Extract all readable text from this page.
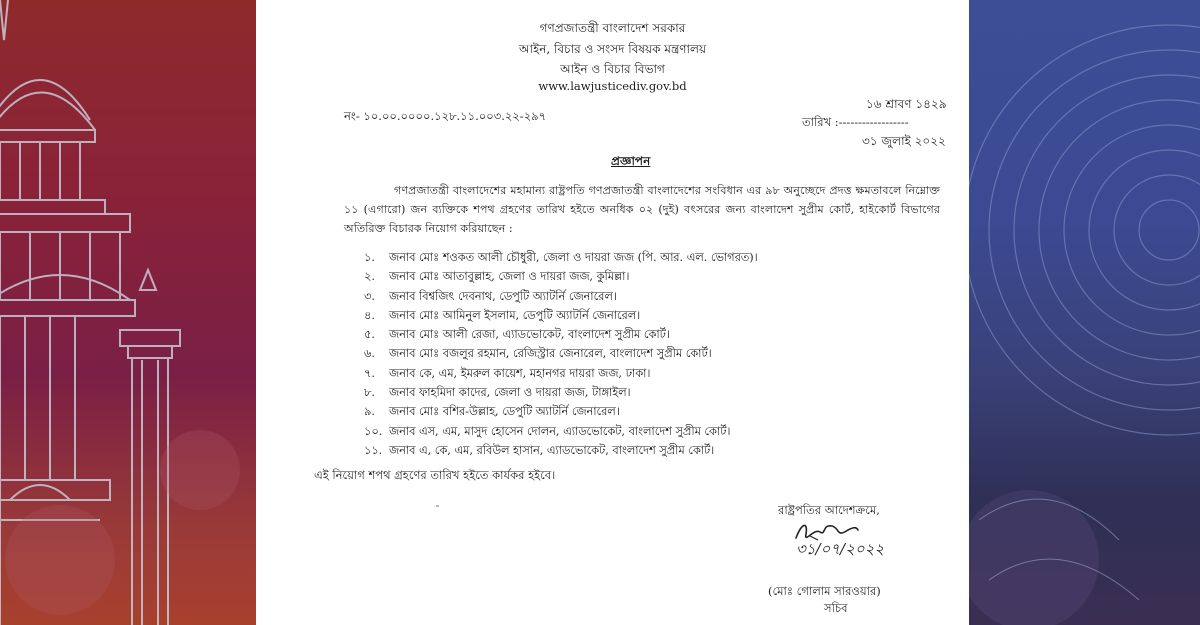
গণপ্রজাতন্ত্রী বাংলাদেশ সরকার
আইন, বিচার ও সংসদ বিষয়ক মন্ত্রণালয়
আইন ও বিচার বিভাগ
www.lawjusticediv.gov.bd
নং- ১০.০০.০০০০.১২৮.১১.০০৩.২২-২৯৭
১৬ শ্রাবণ ১৪২৯
তারিখ :------------------
৩১ জুলাই ২০২২
প্রজ্ঞাপন
গণপ্রজাতন্ত্রী বাংলাদেশের মহামান্য রাষ্ট্রপতি গণপ্রজাতন্ত্রী বাংলাদেশের সংবিধান এর ৯৮ অনুচ্ছেদে প্রদত্ত ক্ষমতাবলে নিম্নোক্ত ১১ (এগারো) জন ব্যক্তিকে শপথ গ্রহণের তারিখ হইতে অনধিক ০২ (দুই) বৎসরের জন্য বাংলাদেশ সুপ্রীম কোর্ট, হাইকোর্ট বিভাগের অতিরিক্ত বিচারক নিয়োগ করিয়াছেন :
১. জনাব মোঃ শওকত আলী চৌধুরী, জেলা ও দায়রা জজ (পি. আর. এল. ভোগরত)।
২. জনাব মোঃ আতাবুল্লাহ, জেলা ও দায়রা জজ, কুমিল্লা।
৩. জনাব বিশ্বজিৎ দেবনাথ, ডেপুটি অ্যাটর্নি জেনারেল।
৪. জনাব মোঃ আমিনুল ইসলাম, ডেপুটি অ্যাটর্নি জেনারেল।
৫. জনাব মোঃ আলী রেজা, এ্যাডভোকেট, বাংলাদেশ সুপ্রীম কোর্ট।
৬. জনাব মোঃ বজলুর রহমান, রেজিস্ট্রার জেনারেল, বাংলাদেশ সুপ্রীম কোর্ট।
৭. জনাব কে, এম, ইমরুল কায়েশ, মহানগর দায়রা জজ, ঢাকা।
৮. জনাব ফাহমিদা কাদের, জেলা ও দায়রা জজ, টাঙ্গাইল।
৯. জনাব মোঃ বশির-উল্লাহ, ডেপুটি অ্যাটর্নি জেনারেল।
১০. জনাব এস, এম, মাসুদ হোসেন দোলন, এ্যাডভোকেট, বাংলাদেশ সুপ্রীম কোর্ট।
১১. জনাব এ, কে, এম, রবিউল হাসান, এ্যাডভোকেট, বাংলাদেশ সুপ্রীম কোর্ট।
এই নিয়োগ শপথ গ্রহণের তারিখ হইতে কার্যকর হইবে।
রাষ্ট্রপতির আদেশক্রমে,
৩১/০৭/২০২২
(মোঃ গোলাম সারওয়ার)
সচিব
